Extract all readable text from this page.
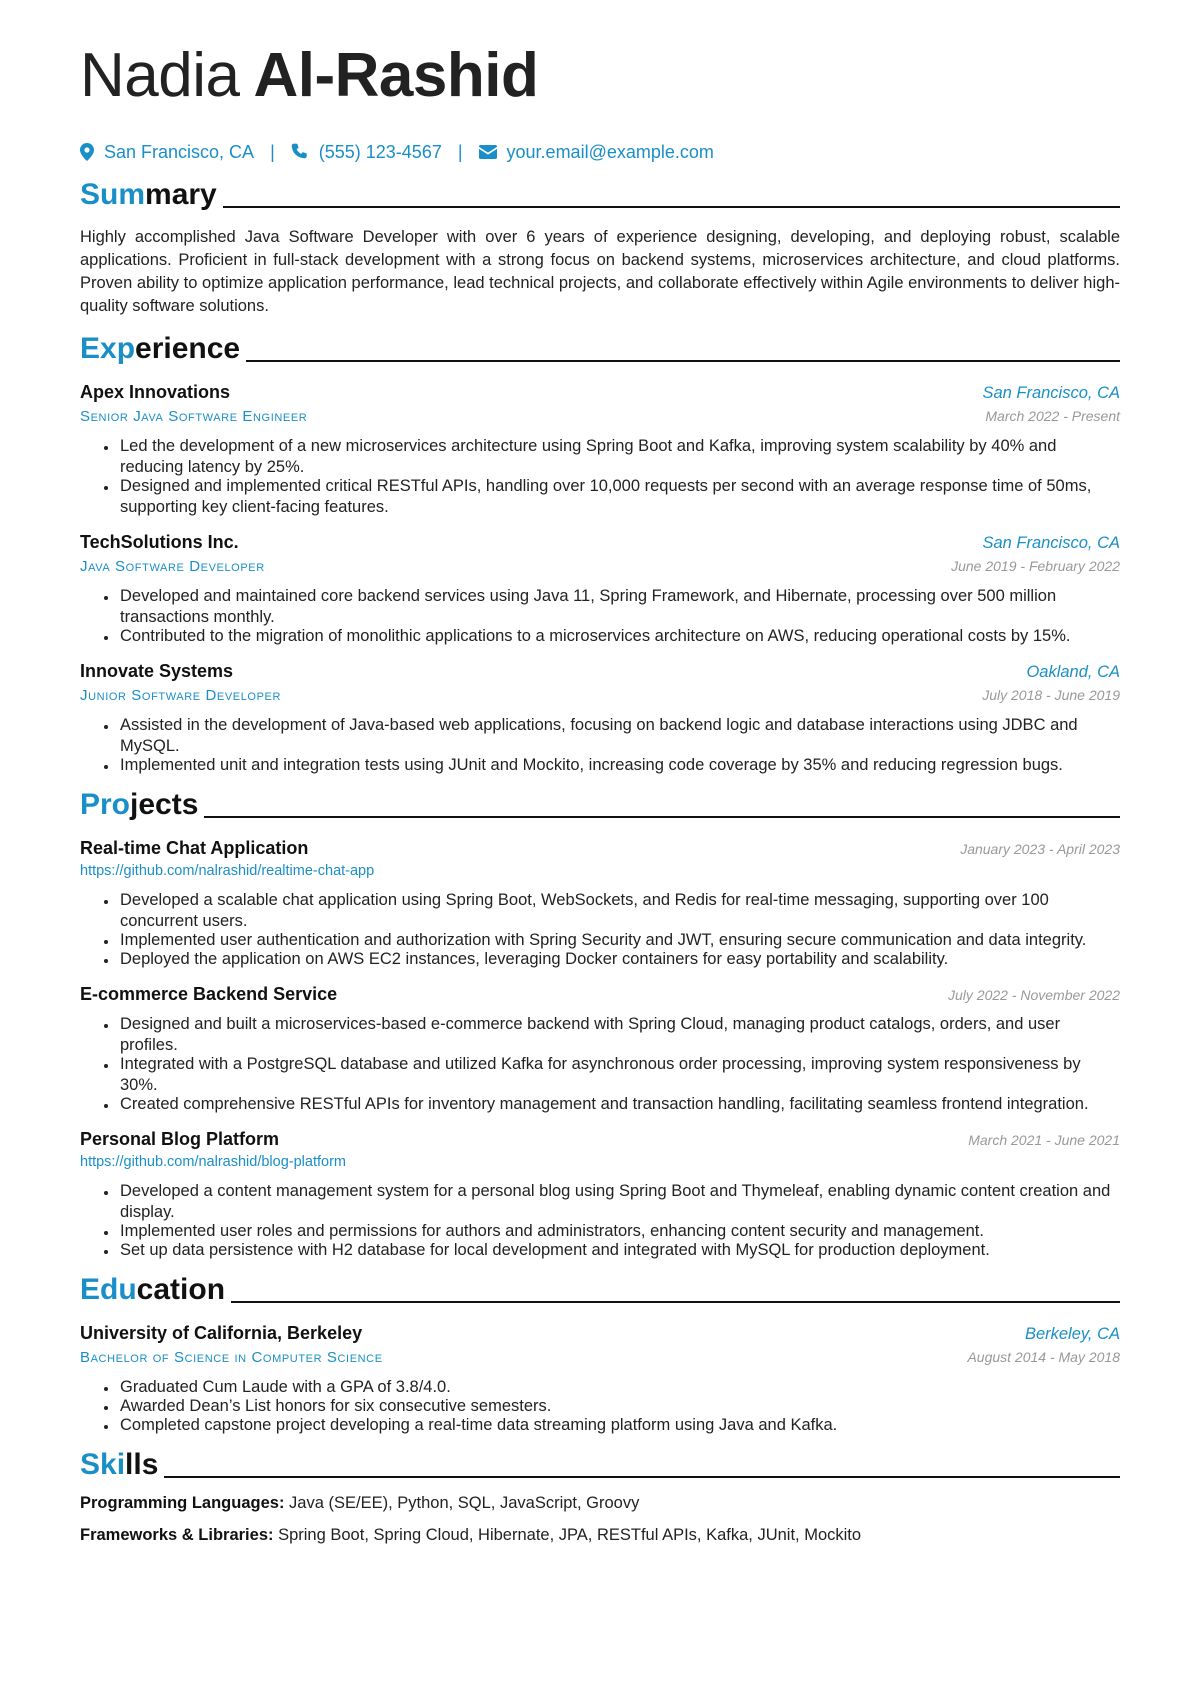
Nadia Al-Rashid
San Francisco, CA | (555) 123-4567 | your.email@example.com
Summary

Highly accomplished Java Software Developer with over 6 years of experience designing, developing, and deploying robust, scalable applications. Proficient in full-stack development with a strong focus on backend systems, microservices architecture, and cloud platforms. Proven ability to optimize application performance, lead technical projects, and collaborate effectively within Agile environments to deliver high-quality software solutions.

Experience
Apex Innovations	San Francisco, CA
Senior Java Software Engineer	March 2022 - Present
• Led the development of a new microservices architecture using Spring Boot and Kafka, improving system scalability by 40% and reducing latency by 25%.
• Designed and implemented critical RESTful APIs, handling over 10,000 requests per second with an average response time of 50ms, supporting key client-facing features.
TechSolutions Inc.	San Francisco, CA
Java Software Developer	June 2019 - February 2022
• Developed and maintained core backend services using Java 11, Spring Framework, and Hibernate, processing over 500 million transactions monthly.
• Contributed to the migration of monolithic applications to a microservices architecture on AWS, reducing operational costs by 15%.
Innovate Systems	Oakland, CA
Junior Software Developer	July 2018 - June 2019
• Assisted in the development of Java-based web applications, focusing on backend logic and database interactions using JDBC and MySQL.
• Implemented unit and integration tests using JUnit and Mockito, increasing code coverage by 35% and reducing regression bugs.
Projects
Real-time Chat Application	January 2023 - April 2023
https://github.com/nalrashid/realtime-chat-app
• Developed a scalable chat application using Spring Boot, WebSockets, and Redis for real-time messaging, supporting over 100 concurrent users.
• Implemented user authentication and authorization with Spring Security and JWT, ensuring secure communication and data integrity.
• Deployed the application on AWS EC2 instances, leveraging Docker containers for easy portability and scalability.
E-commerce Backend Service	July 2022 - November 2022
• Designed and built a microservices-based e-commerce backend with Spring Cloud, managing product catalogs, orders, and user profiles.
• Integrated with a PostgreSQL database and utilized Kafka for asynchronous order processing, improving system responsiveness by 30%.
• Created comprehensive RESTful APIs for inventory management and transaction handling, facilitating seamless frontend integration.
Personal Blog Platform	March 2021 - June 2021
https://github.com/nalrashid/blog-platform
• Developed a content management system for a personal blog using Spring Boot and Thymeleaf, enabling dynamic content creation and display.
• Implemented user roles and permissions for authors and administrators, enhancing content security and management.
• Set up data persistence with H2 database for local development and integrated with MySQL for production deployment.
Education
University of California, Berkeley	Berkeley, CA
Bachelor of Science in Computer Science	August 2014 - May 2018
• Graduated Cum Laude with a GPA of 3.8/4.0.
• Awarded Dean’s List honors for six consecutive semesters.
• Completed capstone project developing a real-time data streaming platform using Java and Kafka.
Skills
Programming Languages: Java (SE/EE), Python, SQL, JavaScript, Groovy
Frameworks & Libraries: Spring Boot, Spring Cloud, Hibernate, JPA, RESTful APIs, Kafka, JUnit, Mockito
